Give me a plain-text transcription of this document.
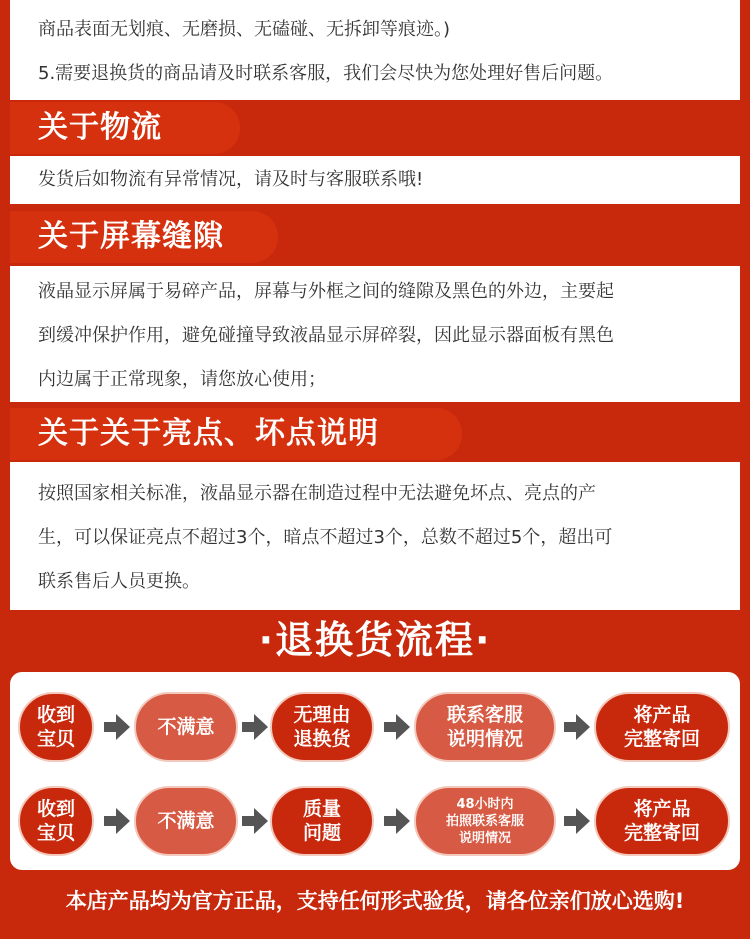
商品表面无划痕、无磨损、无磕碰、无拆卸等痕迹。)

5.需要退换货的商品请及时联系客服，我们会尽快为您处理好售后问题。

关于物流

发货后如物流有异常情况，请及时与客服联系哦!

关于屏幕缝隙

液晶显示屏属于易碎产品，屏幕与外框之间的缝隙及黑色的外边，主要起

到缓冲保护作用，避免碰撞导致液晶显示屏碎裂，因此显示器面板有黑色

内边属于正常现象，请您放心使用；

关于关于亮点、坏点说明

按照国家相关标准，液晶显示器在制造过程中无法避免坏点、亮点的产

生，可以保证亮点不超过3个，暗点不超过3个，总数不超过5个，超出可

联系售后人员更换。

·退换货流程·
收到
宝贝
不满意
无理由
退换货
联系客服
说明情况
将产品
完整寄回
收到
宝贝
不满意
质量
问题
48小时内
拍照联系客服
说明情况
将产品
完整寄回
本店产品均为官方正品，支持任何形式验货，请各位亲们放心选购!
